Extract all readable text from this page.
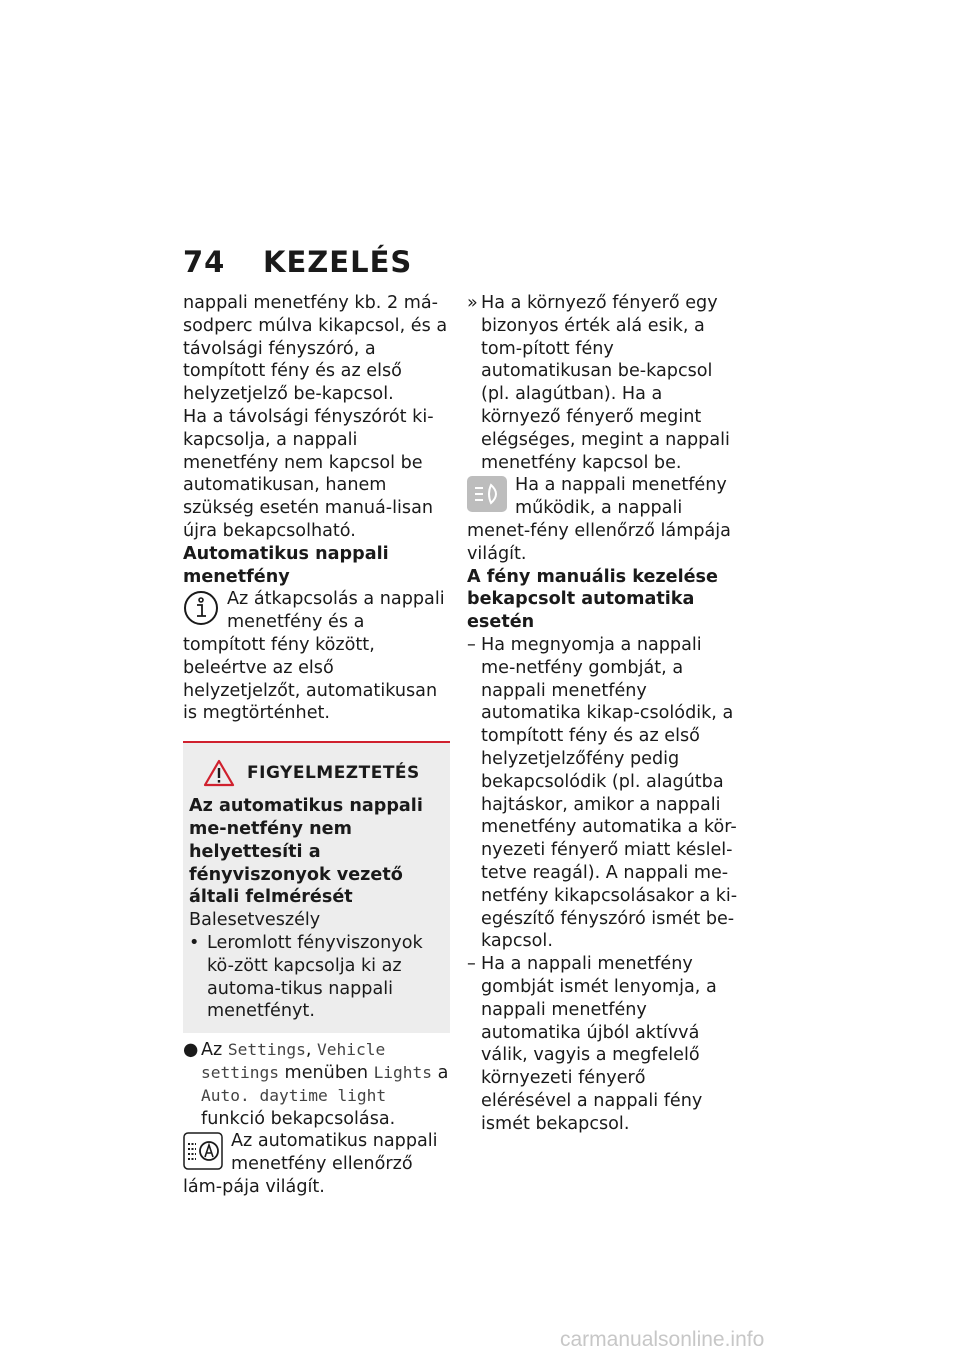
74 KEZELÉS

nappali menetfény kb. 2 má-sodperc múlva kikapcsol, és a távolsági fényszóró, a tompított fény és az első helyzetjelző be-kapcsol.

Ha a távolsági fényszórót ki-kapcsolja, a nappali menetfény nem kapcsol be automatikusan, hanem szükség esetén manuá-lisan újra bekapcsolható.

Automatikus nappali menetfény

Az átkapcsolás a nappali menetfény és a tompított fény között, beleértve az első helyzetjelzőt, automatikusan is megtörténhet.
FIGYELMEZTETÉS

Az automatikus nappali me-netfény nem helyettesíti a fényviszonyok vezető általi felmérését

Balesetveszély

• Leromlott fényviszonyok kö-zött kapcsolja ki az automa-tikus nappali menetfényt.

● Az Settings, Vehicle settings menüben Lights a Auto. daytime light funkció bekapcsolása.

Az automatikus nappali menetfény ellenőrző lám-pája világít.

» Ha a környező fényerő egy bizonyos érték alá esik, a tom-pított fény automatikusan be-kapcsol (pl. alagútban). Ha a környező fényerő megint elégséges, megint a nappali menetfény kapcsol be.

Ha a nappali menetfény működik, a nappali menet-fény ellenőrző lámpája világít.

A fény manuális kezelése bekapcsolt automatika esetén

– Ha megnyomja a nappali me-netfény gombját, a nappali menetfény automatika kikap-csolódik, a tompított fény és az első helyzetjelzőfény pedig bekapcsolódik (pl. alagútba hajtáskor, amikor a nappali menetfény automatika a kör-nyezeti fényerő miatt késlel-tetve reagál). A nappali me-netfény kikapcsolásakor a ki-egészítő fényszóró ismét be-kapcsol.

– Ha a nappali menetfény gombját ismét lenyomja, a nappali menetfény automatika újból aktívvá válik, vagyis a megfelelő környezeti fényerő elérésével a nappali fény ismét bekapcsol.

carmanualsonline.info
